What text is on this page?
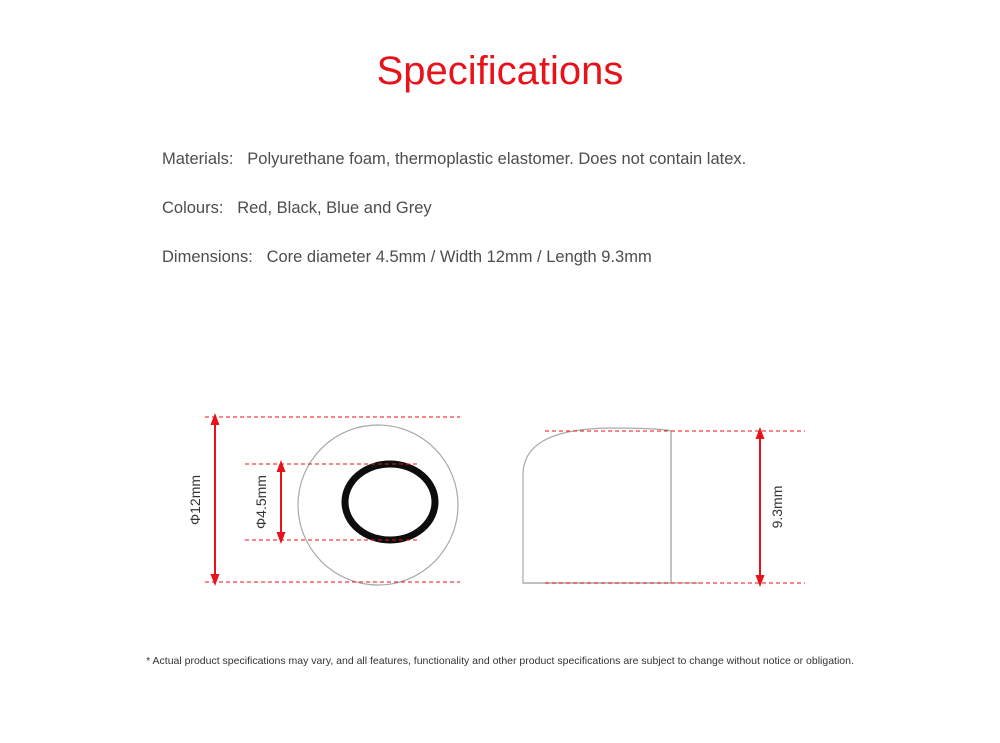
Specifications
Materials: Polyurethane foam, thermoplastic elastomer. Does not contain latex.
Colours: Red, Black, Blue and Grey
Dimensions: Core diameter 4.5mm / Width 12mm / Length 9.3mm
Φ12mm	Φ4.5mm	9.3mm
* Actual product specifications may vary, and all features, functionality and other product specifications are subject to change without notice or obligation.
